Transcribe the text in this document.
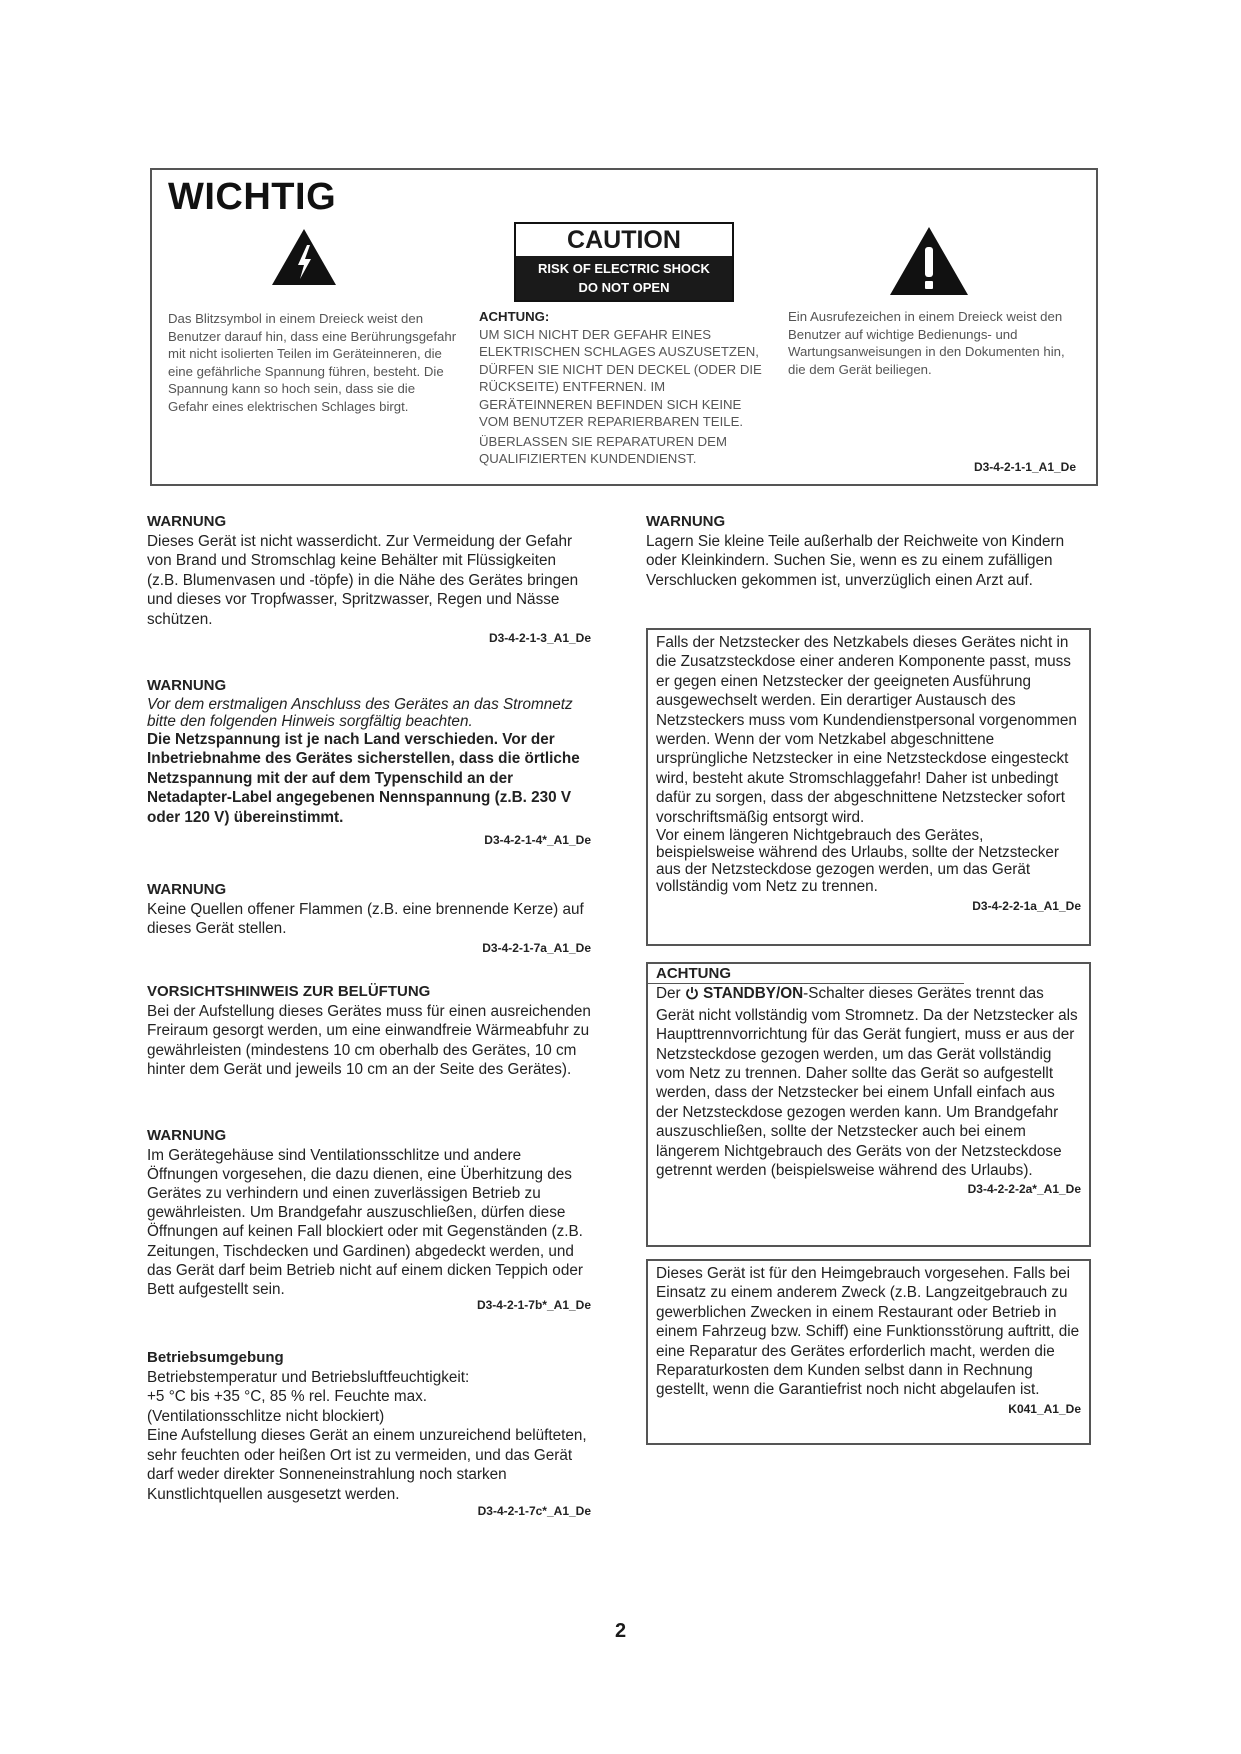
WICHTIG
CAUTION
RISK OF ELECTRIC SHOCK
DO NOT OPEN
Das Blitzsymbol in einem Dreieck weist den Benutzer darauf hin, dass eine Berührungsgefahr mit nicht isolierten Teilen im Geräteinneren, die eine gefährliche Spannung führen, besteht. Die Spannung kann so hoch sein, dass sie die Gefahr eines elektrischen Schlages birgt.
ACHTUNG:
UM SICH NICHT DER GEFAHR EINES ELEKTRISCHEN SCHLAGES AUSZUSETZEN, DÜRFEN SIE NICHT DEN DECKEL (ODER DIE RÜCKSEITE) ENTFERNEN. IM GERÄTEINNEREN BEFINDEN SICH KEINE VOM BENUTZER REPARIERBAREN TEILE.
ÜBERLASSEN SIE REPARATUREN DEM QUALIFIZIERTEN KUNDENDIENST.
Ein Ausrufezeichen in einem Dreieck weist den Benutzer auf wichtige Bedienungs- und Wartungsanweisungen in den Dokumenten hin, die dem Gerät beiliegen.
D3-4-2-1-1_A1_De
WARNUNG
Dieses Gerät ist nicht wasserdicht. Zur Vermeidung der Gefahr von Brand und Stromschlag keine Behälter mit Flüssigkeiten (z.B. Blumenvasen und -töpfe) in die Nähe des Gerätes bringen und dieses vor Tropfwasser, Spritzwasser, Regen und Nässe schützen.
D3-4-2-1-3_A1_De
WARNUNG
Vor dem erstmaligen Anschluss des Gerätes an das Stromnetz bitte den folgenden Hinweis sorgfältig beachten.
Die Netzspannung ist je nach Land verschieden. Vor der Inbetriebnahme des Gerätes sicherstellen, dass die örtliche Netzspannung mit der auf dem Typenschild an der Netadapter-Label angegebenen Nennspannung (z.B. 230 V oder 120 V) übereinstimmt.
D3-4-2-1-4*_A1_De
WARNUNG
Keine Quellen offener Flammen (z.B. eine brennende Kerze) auf dieses Gerät stellen.
D3-4-2-1-7a_A1_De
VORSICHTSHINWEIS ZUR BELÜFTUNG
Bei der Aufstellung dieses Gerätes muss für einen ausreichenden Freiraum gesorgt werden, um eine einwandfreie Wärmeabfuhr zu gewährleisten (mindestens 10 cm oberhalb des Gerätes, 10 cm hinter dem Gerät und jeweils 10 cm an der Seite des Gerätes).
WARNUNG
Im Gerätegehäuse sind Ventilationsschlitze und andere Öffnungen vorgesehen, die dazu dienen, eine Überhitzung des Gerätes zu verhindern und einen zuverlässigen Betrieb zu gewährleisten. Um Brandgefahr auszuschließen, dürfen diese Öffnungen auf keinen Fall blockiert oder mit Gegenständen (z.B. Zeitungen, Tischdecken und Gardinen) abgedeckt werden, und das Gerät darf beim Betrieb nicht auf einem dicken Teppich oder Bett aufgestellt sein.
D3-4-2-1-7b*_A1_De
Betriebsumgebung
Betriebstemperatur und Betriebsluftfeuchtigkeit:
+5 °C bis +35 °C, 85 % rel. Feuchte max.
(Ventilationsschlitze nicht blockiert)
Eine Aufstellung dieses Gerät an einem unzureichend belüfteten, sehr feuchten oder heißen Ort ist zu vermeiden, und das Gerät darf weder direkter Sonneneinstrahlung noch starken Kunstlichtquellen ausgesetzt werden.
D3-4-2-1-7c*_A1_De
WARNUNG
Lagern Sie kleine Teile außerhalb der Reichweite von Kindern oder Kleinkindern. Suchen Sie, wenn es zu einem zufälligen Verschlucken gekommen ist, unverzüglich einen Arzt auf.
Falls der Netzstecker des Netzkabels dieses Gerätes nicht in die Zusatzsteckdose einer anderen Komponente passt, muss er gegen einen Netzstecker der geeigneten Ausführung ausgewechselt werden. Ein derartiger Austausch des Netzsteckers muss vom Kundendienstpersonal vorgenommen werden. Wenn der vom Netzkabel abgeschnittene ursprüngliche Netzstecker in eine Netzsteckdose eingesteckt wird, besteht akute Stromschlaggefahr! Daher ist unbedingt dafür zu sorgen, dass der abgeschnittene Netzstecker sofort vorschriftsmäßig entsorgt wird.
Vor einem längeren Nichtgebrauch des Gerätes, beispielsweise während des Urlaubs, sollte der Netzstecker aus der Netzsteckdose gezogen werden, um das Gerät vollständig vom Netz zu trennen.
D3-4-2-2-1a_A1_De
ACHTUNG
Der STANDBY/ON-Schalter dieses Gerätes trennt das Gerät nicht vollständig vom Stromnetz. Da der Netzstecker als Haupttrennvorrichtung für das Gerät fungiert, muss er aus der Netzsteckdose gezogen werden, um das Gerät vollständig vom Netz zu trennen. Daher sollte das Gerät so aufgestellt werden, dass der Netzstecker bei einem Unfall einfach aus der Netzsteckdose gezogen werden kann. Um Brandgefahr auszuschließen, sollte der Netzstecker auch bei einem längerem Nichtgebrauch des Geräts von der Netzsteckdose getrennt werden (beispielsweise während des Urlaubs).
D3-4-2-2-2a*_A1_De
Dieses Gerät ist für den Heimgebrauch vorgesehen. Falls bei Einsatz zu einem anderem Zweck (z.B. Langzeitgebrauch zu gewerblichen Zwecken in einem Restaurant oder Betrieb in einem Fahrzeug bzw. Schiff) eine Funktionsstörung auftritt, die eine Reparatur des Gerätes erforderlich macht, werden die Reparaturkosten dem Kunden selbst dann in Rechnung gestellt, wenn die Garantiefrist noch nicht abgelaufen ist.
K041_A1_De
2
